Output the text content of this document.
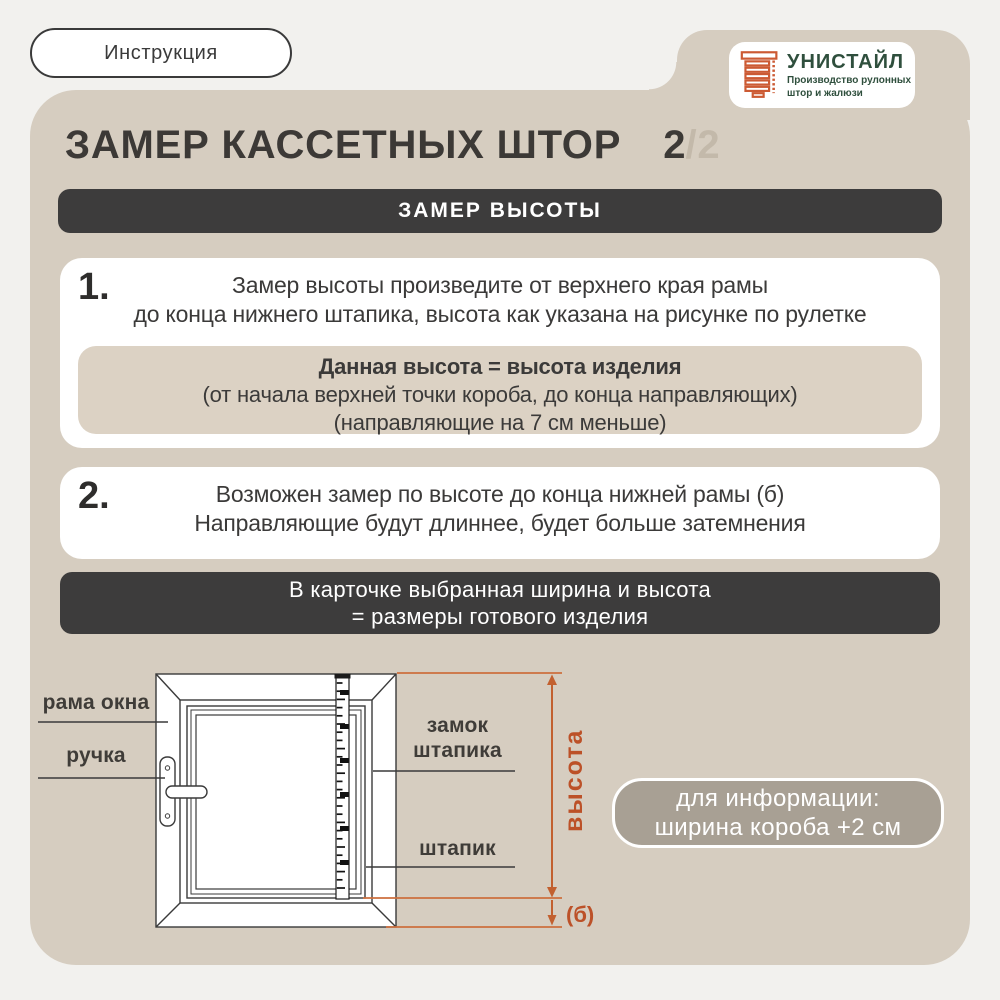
Инструкция	УНИСТАЙЛ
Производство рулонных
штор и жалюзи
ЗАМЕР КАССЕТНЫХ ШТОР 2/2
ЗАМЕР ВЫСОТЫ
1.	Замер высоты произведите от верхнего края рамы
до конца нижнего штапика, высота как указана на рисунке по рулетке
Данная высота = высота изделия
(от начала верхней точки короба, до конца направляющих)
(направляющие на 7 см меньше)
2.	Возможен замер по высоте до конца нижней рамы (б)
Направляющие будут длиннее, будет больше затемнения
В карточке выбранная ширина и высота
= размеры готового изделия
высота
(б)
рама окна
ручка
замок штапика
штапик
для информации:
ширина короба +2 см
